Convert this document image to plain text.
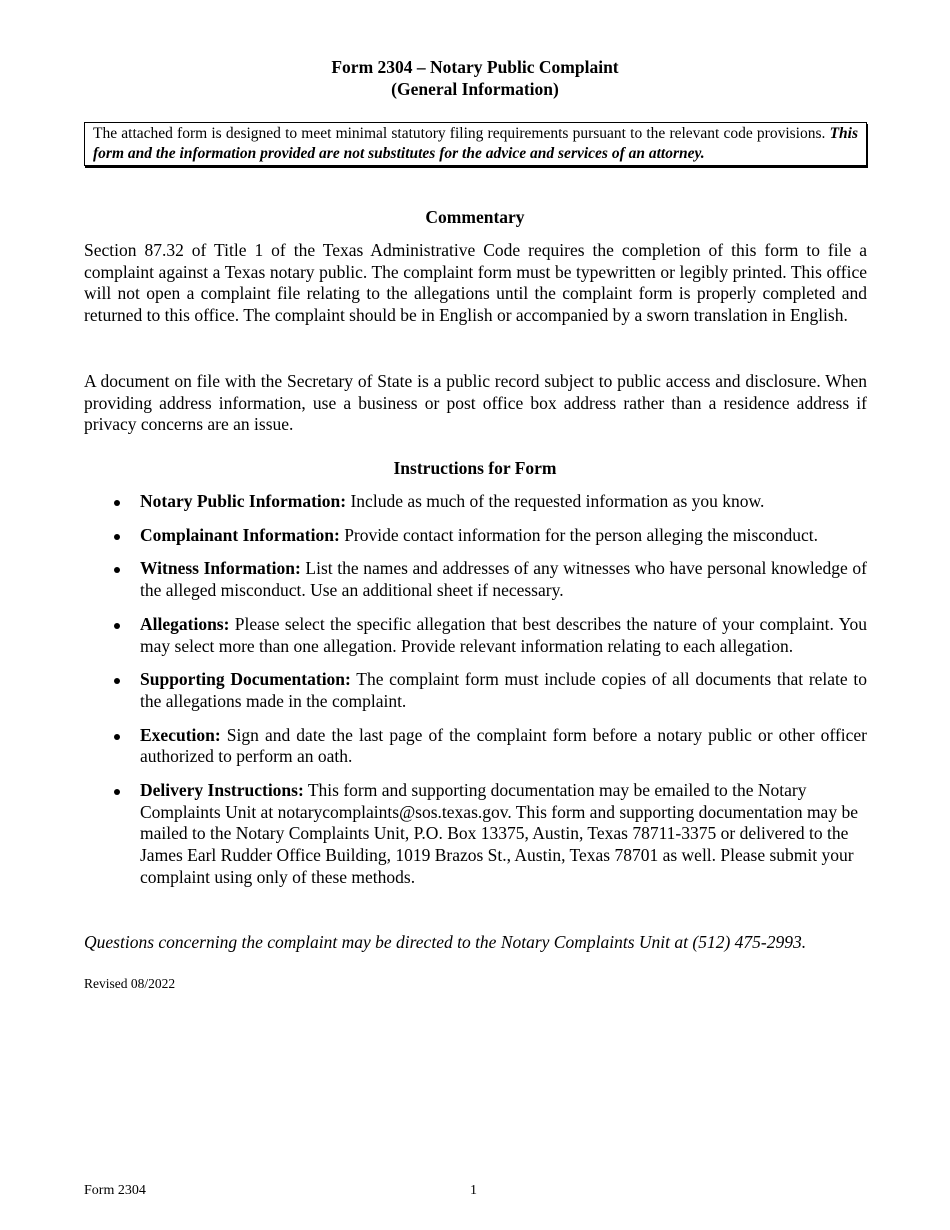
Form 2304 – Notary Public Complaint
(General Information)
The attached form is designed to meet minimal statutory filing requirements pursuant to the relevant code provisions. This form and the information provided are not substitutes for the advice and services of an attorney.
Commentary
Section 87.32 of Title 1 of the Texas Administrative Code requires the completion of this form to file a complaint against a Texas notary public. The complaint form must be typewritten or legibly printed. This office will not open a complaint file relating to the allegations until the complaint form is properly completed and returned to this office. The complaint should be in English or accompanied by a sworn translation in English.
A document on file with the Secretary of State is a public record subject to public access and disclosure. When providing address information, use a business or post office box address rather than a residence address if privacy concerns are an issue.
Instructions for Form
Notary Public Information: Include as much of the requested information as you know.
Complainant Information: Provide contact information for the person alleging the misconduct.
Witness Information: List the names and addresses of any witnesses who have personal knowledge of the alleged misconduct. Use an additional sheet if necessary.
Allegations: Please select the specific allegation that best describes the nature of your complaint. You may select more than one allegation. Provide relevant information relating to each allegation.
Supporting Documentation: The complaint form must include copies of all documents that relate to the allegations made in the complaint.
Execution: Sign and date the last page of the complaint form before a notary public or other officer authorized to perform an oath.
Delivery Instructions: This form and supporting documentation may be emailed to the Notary Complaints Unit at notarycomplaints@sos.texas.gov. This form and supporting documentation may be mailed to the Notary Complaints Unit, P.O. Box 13375, Austin, Texas 78711-3375 or delivered to the James Earl Rudder Office Building, 1019 Brazos St., Austin, Texas 78701 as well. Please submit your complaint using only of these methods.
Questions concerning the complaint may be directed to the Notary Complaints Unit at (512) 475-2993.
Revised 08/2022
Form 2304	1
